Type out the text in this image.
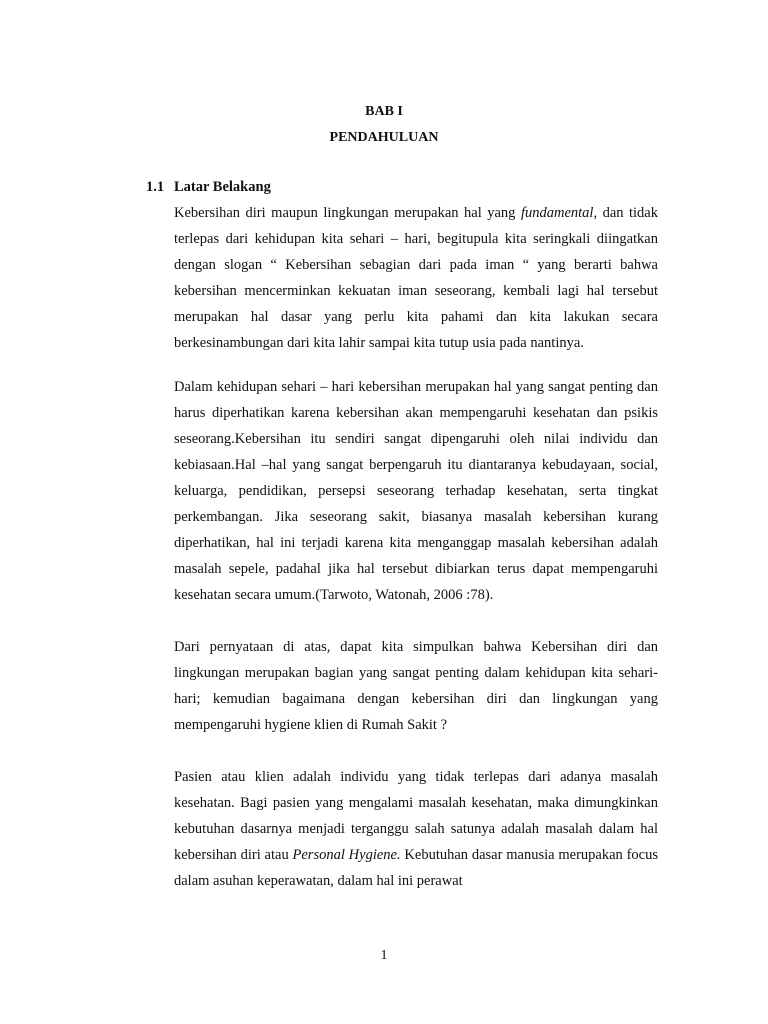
BAB I
PENDAHULUAN
1.1 Latar Belakang

Kebersihan diri maupun lingkungan merupakan hal yang fundamental, dan tidak terlepas dari kehidupan kita sehari – hari, begitupula kita seringkali diingatkan dengan slogan “ Kebersihan sebagian dari pada iman “ yang berarti bahwa kebersihan mencerminkan kekuatan iman seseorang, kembali lagi hal tersebut merupakan hal dasar yang perlu kita pahami dan kita lakukan secara berkesinambungan dari kita lahir sampai kita tutup usia pada nantinya.

Dalam kehidupan sehari – hari kebersihan merupakan hal yang sangat penting dan harus diperhatikan karena kebersihan akan mempengaruhi kesehatan dan psikis seseorang.Kebersihan itu sendiri sangat dipengaruhi oleh nilai individu dan kebiasaan.Hal –hal yang sangat berpengaruh itu diantaranya kebudayaan, social, keluarga, pendidikan, persepsi seseorang terhadap kesehatan, serta tingkat perkembangan. Jika seseorang sakit, biasanya masalah kebersihan kurang diperhatikan, hal ini terjadi karena kita menganggap masalah kebersihan adalah masalah sepele, padahal jika hal tersebut dibiarkan terus dapat mempengaruhi kesehatan secara umum.(Tarwoto, Watonah, 2006 :78).

Dari pernyataan di atas, dapat kita simpulkan bahwa Kebersihan diri dan lingkungan merupakan bagian yang sangat penting dalam kehidupan kita sehari-hari; kemudian bagaimana dengan kebersihan diri dan lingkungan yang mempengaruhi hygiene klien di Rumah Sakit ?

Pasien atau klien adalah individu yang tidak terlepas dari adanya masalah kesehatan. Bagi pasien yang mengalami masalah kesehatan, maka dimungkinkan kebutuhan dasarnya menjadi terganggu salah satunya adalah masalah dalam hal kebersihan diri atau Personal Hygiene. Kebutuhan dasar manusia merupakan focus dalam asuhan keperawatan, dalam hal ini perawat

1
